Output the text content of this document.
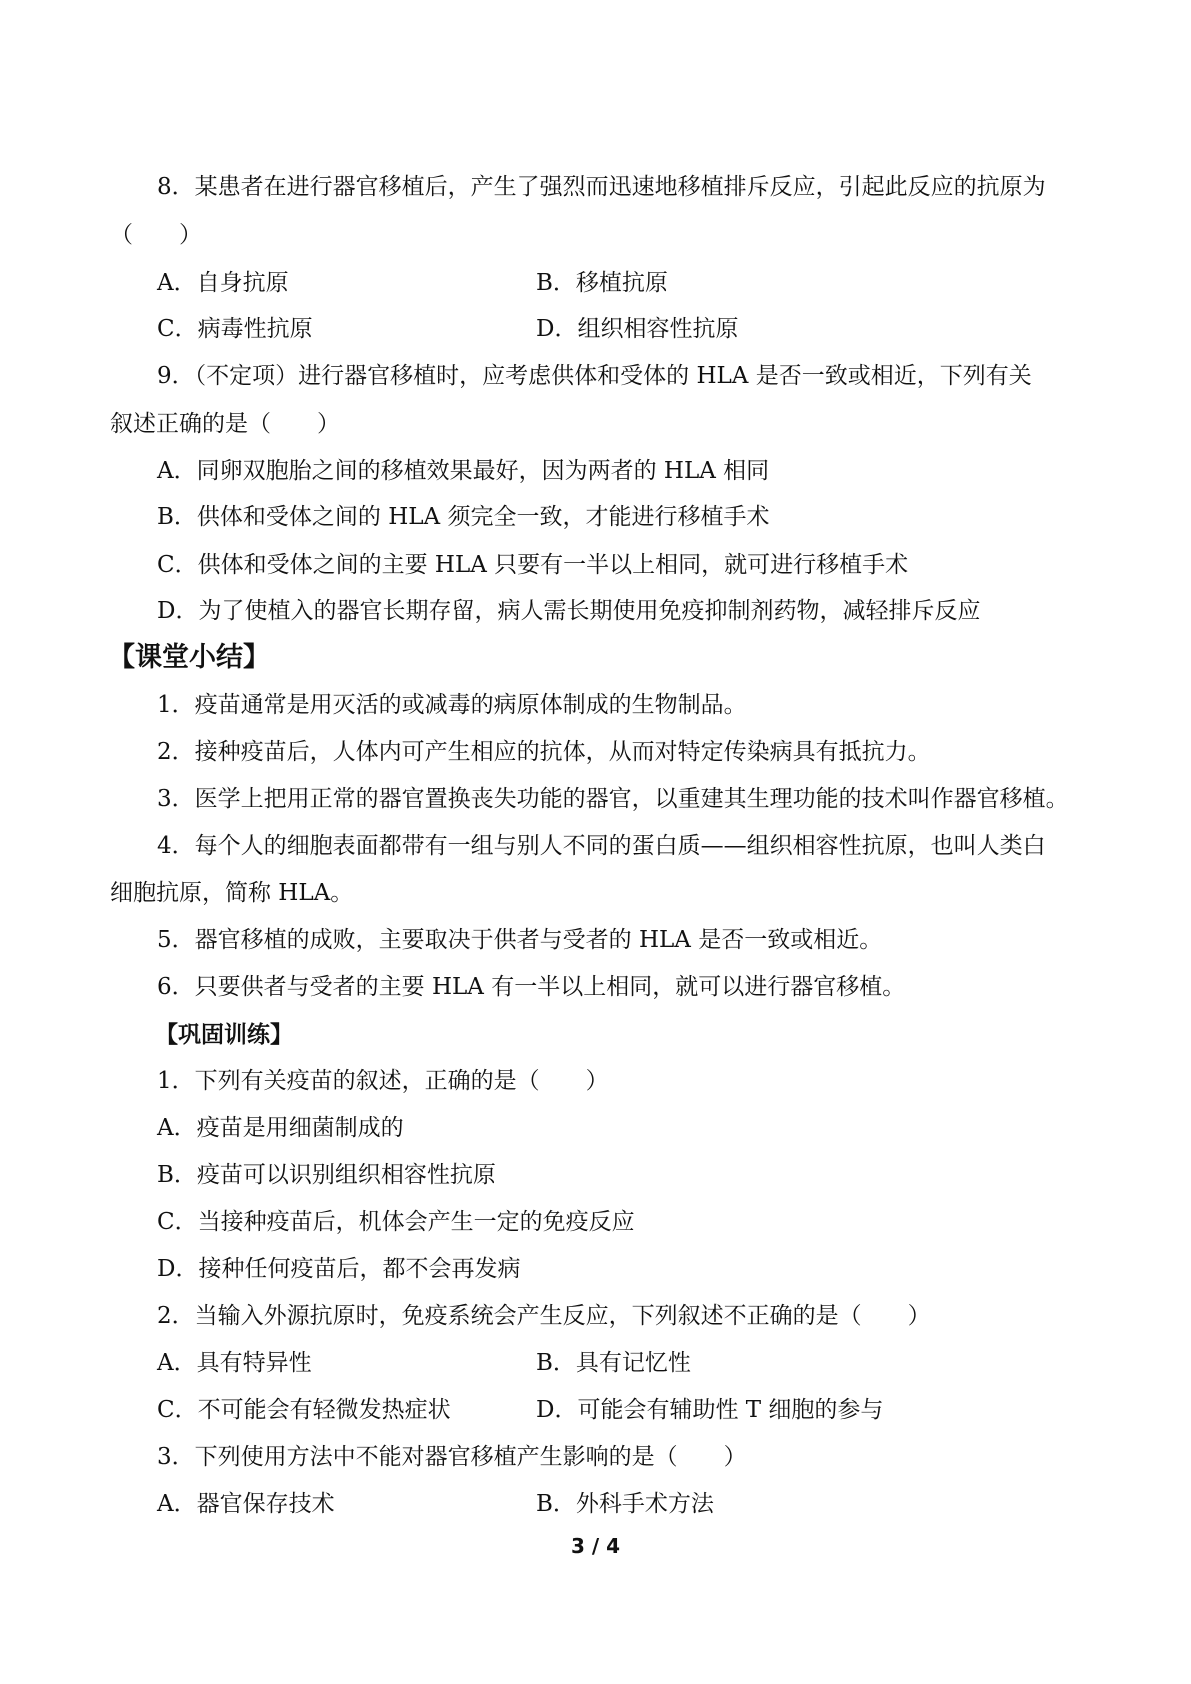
8．某患者在进行器官移植后，产生了强烈而迅速地移植排斥反应，引起此反应的抗原为
（　　）
A．自身抗原	B．移植抗原
C．病毒性抗原	D．组织相容性抗原
9．（不定项）进行器官移植时，应考虑供体和受体的 HLA 是否一致或相近，下列有关
叙述正确的是（　　）
A．同卵双胞胎之间的移植效果最好，因为两者的 HLA 相同
B．供体和受体之间的 HLA 须完全一致，才能进行移植手术
C．供体和受体之间的主要 HLA 只要有一半以上相同，就可进行移植手术
D．为了使植入的器官长期存留，病人需长期使用免疫抑制剂药物，减轻排斥反应
【课堂小结】
1．疫苗通常是用灭活的或减毒的病原体制成的生物制品。
2．接种疫苗后，人体内可产生相应的抗体，从而对特定传染病具有抵抗力。
3．医学上把用正常的器官置换丧失功能的器官，以重建其生理功能的技术叫作器官移植。
4．每个人的细胞表面都带有一组与别人不同的蛋白质——组织相容性抗原，也叫人类白
细胞抗原，简称 HLA。
5．器官移植的成败，主要取决于供者与受者的 HLA 是否一致或相近。
6．只要供者与受者的主要 HLA 有一半以上相同，就可以进行器官移植。
【巩固训练】
1．下列有关疫苗的叙述，正确的是（　　）
A．疫苗是用细菌制成的
B．疫苗可以识别组织相容性抗原
C．当接种疫苗后，机体会产生一定的免疫反应
D．接种任何疫苗后，都不会再发病
2．当输入外源抗原时，免疫系统会产生反应，下列叙述不正确的是（　　）
A．具有特异性	B．具有记忆性
C．不可能会有轻微发热症状	D．可能会有辅助性 T 细胞的参与
3．下列使用方法中不能对器官移植产生影响的是（　　）
A．器官保存技术	B．外科手术方法
3 / 4
